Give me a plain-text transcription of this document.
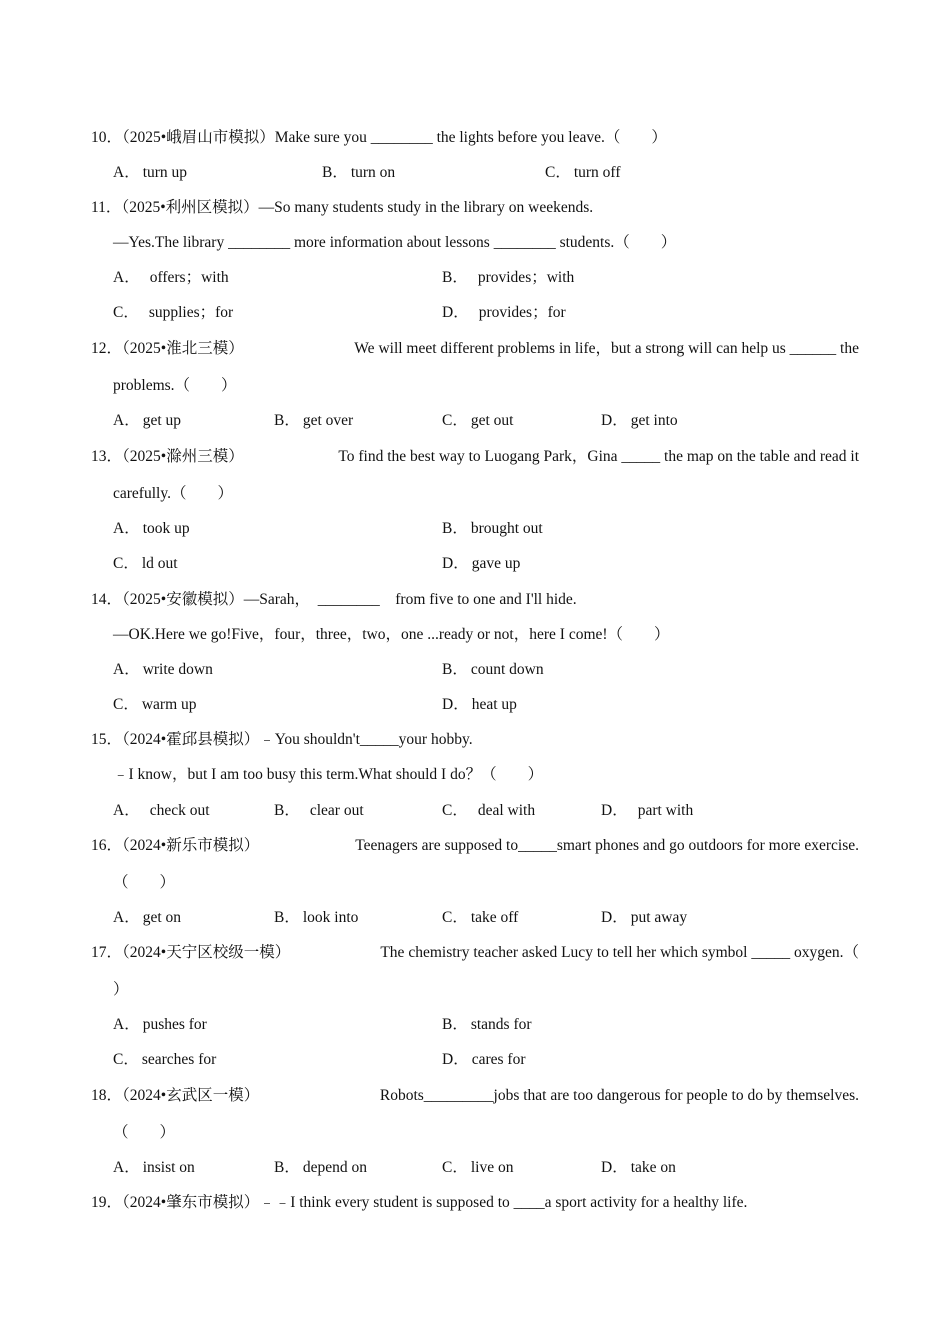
10．（2025•峨眉山市模拟）Make sure you ________ the lights before you leave.（　　）
A． turn up	B． turn on	C． turn off
11．（2025•利州区模拟）—So many students study in the library on weekends.
—Yes.The library ________ more information about lessons ________ students.（　　）
A． offers；with	B． provides；with
C． supplies；for	D． provides；for
12．（2025•淮北三模）	We will meet different problems in life，but a strong will can help us ______ the
problems.（　　）
A． get up	B． get over	C． get out	D． get into
13．（2025•滁州三模）	To find the best way to Luogang Park，Gina _____ the map on the table and read it
carefully.（　　）
A． took up	B． brought out
C． ld out	D． gave up
14．（2025•安徽模拟）—Sarah，　________　from five to one and I'll hide.
—OK.Here we go!Five，four，three，two，one ...ready or not，here I come!（　　）
A． write down	B． count down
C． warm up	D． heat up
15．（2024•霍邱县模拟）﹣You shouldn't_____your hobby.
﹣I know，but I am too busy this term.What should I do？（　　）
A． check out	B． clear out	C． deal with	D． part with
16．（2024•新乐市模拟）	Teenagers are supposed to_____smart phones and go outdoors for more exercise.
（　　）
A． get on	B． look into	C． take off	D． put away
17．（2024•天宁区校级一模）	The chemistry teacher asked Lucy to tell her which symbol _____ oxygen.（
）
A． pushes for	B． stands for
C． searches for	D． cares for
18．（2024•玄武区一模）	Robots_________jobs that are too dangerous for people to do by themselves.
（　　）
A． insist on	B． depend on	C． live on	D． take on
19．（2024•肇东市模拟）﹣﹣I think every student is supposed to ____a sport activity for a healthy life.
